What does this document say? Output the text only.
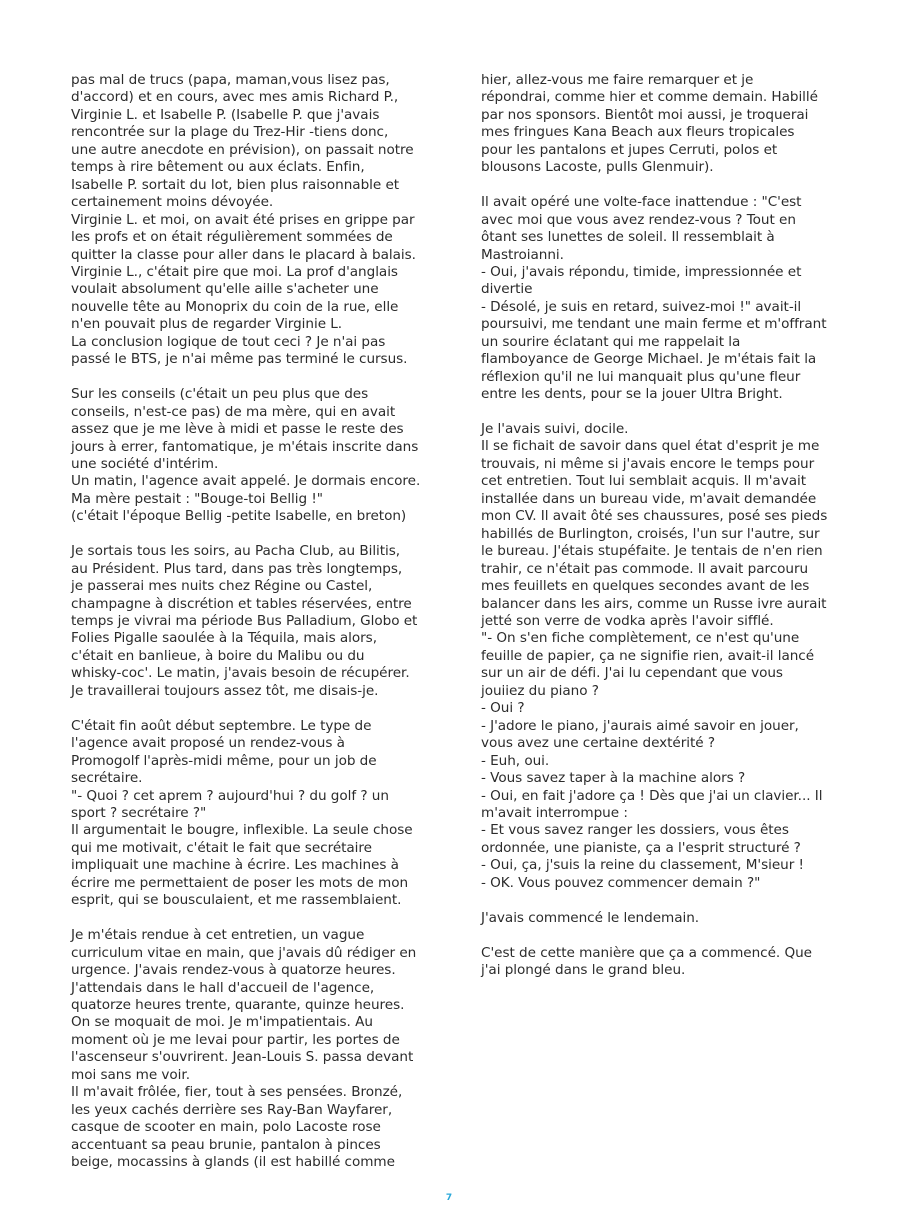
pas mal de trucs (papa, maman,vous lisez pas,
d'accord) et en cours, avec mes amis Richard P.,
Virginie L. et Isabelle P. (Isabelle P. que j'avais
rencontrée sur la plage du Trez-Hir -tiens donc,
une autre anecdote en prévision), on passait notre
temps à rire bêtement ou aux éclats. Enfin,
Isabelle P. sortait du lot, bien plus raisonnable et
certainement moins dévoyée.
Virginie L. et moi, on avait été prises en grippe par
les profs et on était régulièrement sommées de
quitter la classe pour aller dans le placard à balais.
Virginie L., c'était pire que moi. La prof d'anglais
voulait absolument qu'elle aille s'acheter une
nouvelle tête au Monoprix du coin de la rue, elle
n'en pouvait plus de regarder Virginie L.
La conclusion logique de tout ceci ? Je n'ai pas
passé le BTS, je n'ai même pas terminé le cursus.
Sur les conseils (c'était un peu plus que des
conseils, n'est-ce pas) de ma mère, qui en avait
assez que je me lève à midi et passe le reste des
jours à errer, fantomatique, je m'étais inscrite dans
une société d'intérim.
Un matin, l'agence avait appelé. Je dormais encore.
Ma mère pestait : "Bouge-toi Bellig !"
(c'était l'époque Bellig -petite Isabelle, en breton)
Je sortais tous les soirs, au Pacha Club, au Bilitis,
au Président. Plus tard, dans pas très longtemps,
je passerai mes nuits chez Régine ou Castel,
champagne à discrétion et tables réservées, entre
temps je vivrai ma période Bus Palladium, Globo et
Folies Pigalle saoulée à la Téquila, mais alors,
c'était en banlieue, à boire du Malibu ou du
whisky-coc'. Le matin, j'avais besoin de récupérer.
Je travaillerai toujours assez tôt, me disais-je.
C'était fin août début septembre. Le type de
l'agence avait proposé un rendez-vous à
Promogolf l'après-midi même, pour un job de
secrétaire.
"- Quoi ? cet aprem ? aujourd'hui ? du golf ? un
sport ? secrétaire ?"
Il argumentait le bougre, inflexible. La seule chose
qui me motivait, c'était le fait que secrétaire
impliquait une machine à écrire. Les machines à
écrire me permettaient de poser les mots de mon
esprit, qui se bousculaient, et me rassemblaient.
Je m'étais rendue à cet entretien, un vague
curriculum vitae en main, que j'avais dû rédiger en
urgence. J'avais rendez-vous à quatorze heures.
J'attendais dans le hall d'accueil de l'agence,
quatorze heures trente, quarante, quinze heures.
On se moquait de moi. Je m'impatientais. Au
moment où je me levai pour partir, les portes de
l'ascenseur s'ouvrirent. Jean-Louis S. passa devant
moi sans me voir.
Il m'avait frôlée, fier, tout à ses pensées. Bronzé,
les yeux cachés derrière ses Ray-Ban Wayfarer,
casque de scooter en main, polo Lacoste rose
accentuant sa peau brunie, pantalon à pinces
beige, mocassins à glands (il est habillé comme
hier, allez-vous me faire remarquer et je
répondrai, comme hier et comme demain. Habillé
par nos sponsors. Bientôt moi aussi, je troquerai
mes fringues Kana Beach aux fleurs tropicales
pour les pantalons et jupes Cerruti, polos et
blousons Lacoste, pulls Glenmuir).
Il avait opéré une volte-face inattendue : "C'est
avec moi que vous avez rendez-vous ? Tout en
ôtant ses lunettes de soleil. Il ressemblait à
Mastroianni.
- Oui, j'avais répondu, timide, impressionnée et
divertie
- Désolé, je suis en retard, suivez-moi !" avait-il
poursuivi, me tendant une main ferme et m'offrant
un sourire éclatant qui me rappelait la
flamboyance de George Michael. Je m'étais fait la
réflexion qu'il ne lui manquait plus qu'une fleur
entre les dents, pour se la jouer Ultra Bright.
Je l'avais suivi, docile.
Il se fichait de savoir dans quel état d'esprit je me
trouvais, ni même si j'avais encore le temps pour
cet entretien. Tout lui semblait acquis. Il m'avait
installée dans un bureau vide, m'avait demandée
mon CV. Il avait ôté ses chaussures, posé ses pieds
habillés de Burlington, croisés, l'un sur l'autre, sur
le bureau. J'étais stupéfaite. Je tentais de n'en rien
trahir, ce n'était pas commode. Il avait parcouru
mes feuillets en quelques secondes avant de les
balancer dans les airs, comme un Russe ivre aurait
jetté son verre de vodka après l'avoir sifflé.
"- On s'en fiche complètement, ce n'est qu'une
feuille de papier, ça ne signifie rien, avait-il lancé
sur un air de défi. J'ai lu cependant que vous
jouiiez du piano ?
- Oui ?
- J'adore le piano, j'aurais aimé savoir en jouer,
vous avez une certaine dextérité ?
- Euh, oui.
- Vous savez taper à la machine alors ?
- Oui, en fait j'adore ça ! Dès que j'ai un clavier... Il
m'avait interrompue :
- Et vous savez ranger les dossiers, vous êtes
ordonnée, une pianiste, ça a l'esprit structuré ?
- Oui, ça, j'suis la reine du classement, M'sieur !
- OK. Vous pouvez commencer demain ?"
J'avais commencé le lendemain.
C'est de cette manière que ça a commencé. Que
j'ai plongé dans le grand bleu.
7
